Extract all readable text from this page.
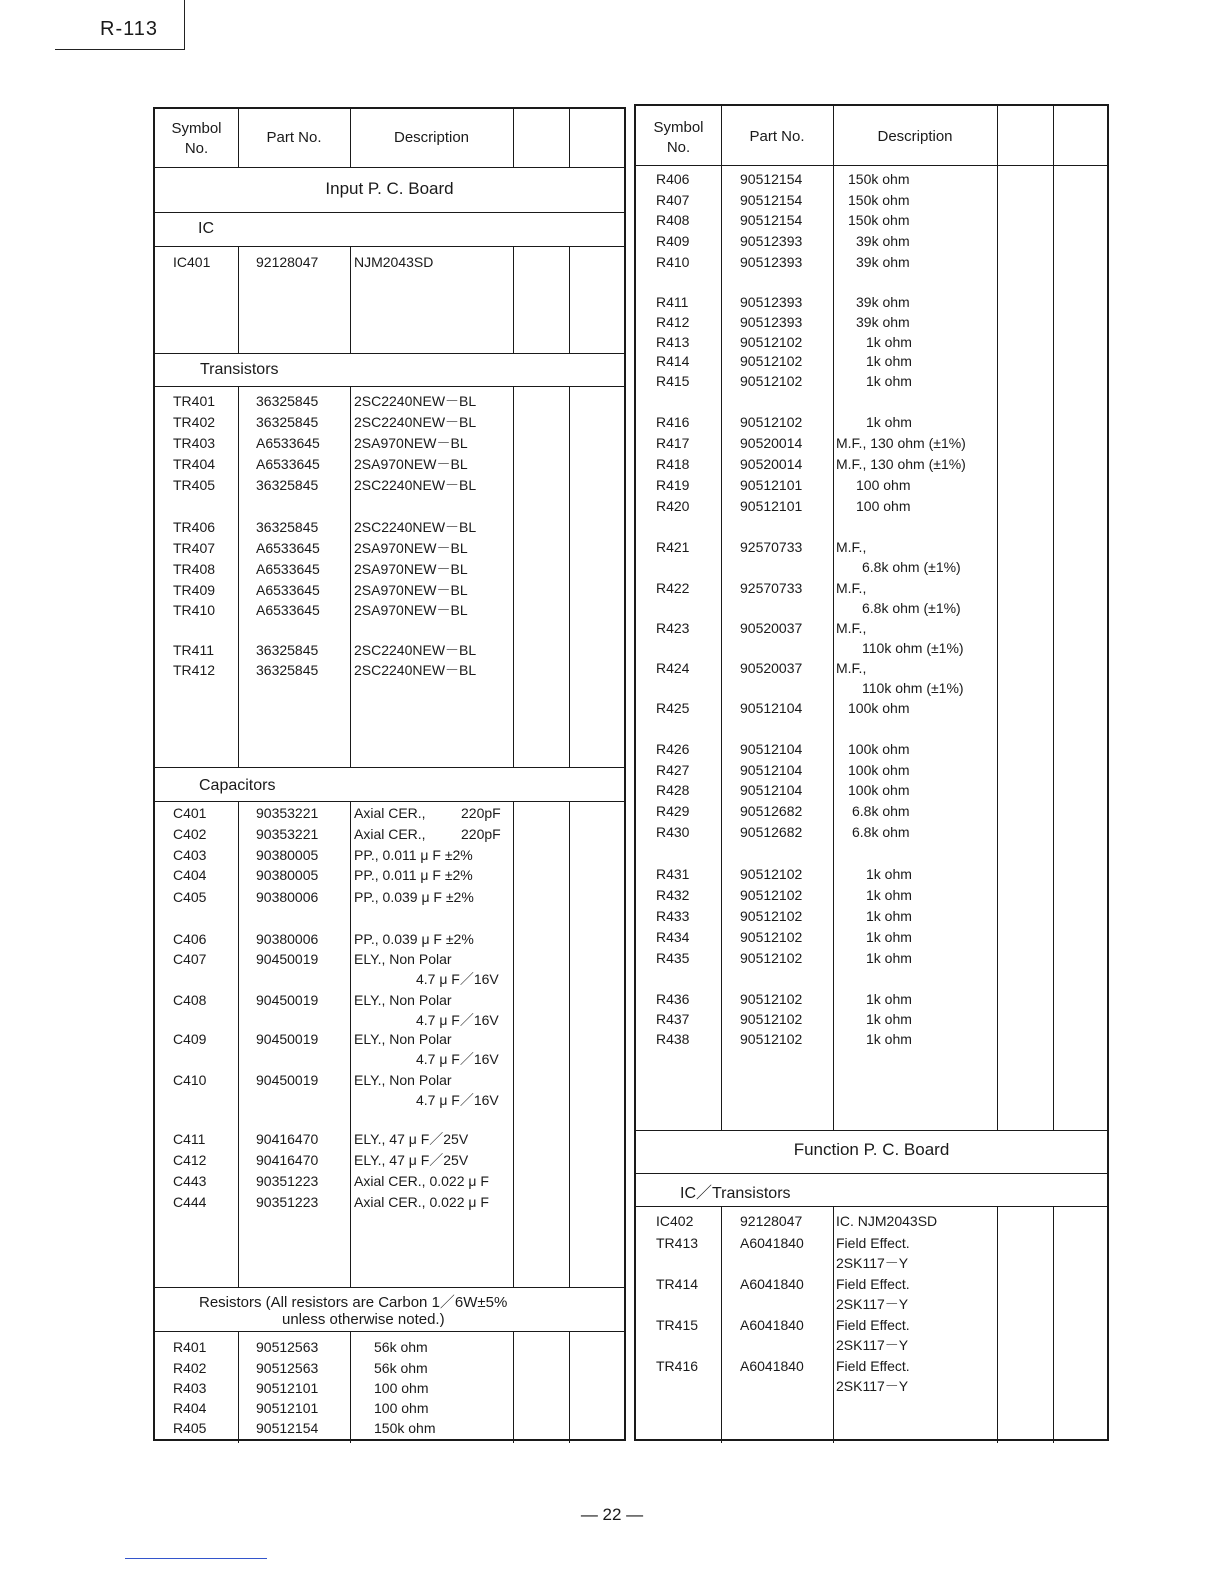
R-113
Symbol
No.
Part No.	Description
Input P. C. Board
IC
IC401	92128047	NJM2043SD
Transistors
TR401	36325845	2SC2240NEW－BL
TR402	36325845	2SC2240NEW－BL
TR403	A6533645 2SA970NEW－BL
TR404	A6533645 2SA970NEW－BL
TR405	36325845	2SC2240NEW－BL
TR406	36325845	2SC2240NEW－BL
TR407	A6533645 2SA970NEW－BL
TR408	A6533645 2SA970NEW－BL
TR409	A6533645 2SA970NEW－BL
TR410	A6533645 2SA970NEW－BL
TR411	36325845	2SC2240NEW－BL
TR412	36325845	2SC2240NEW－BL
Capacitors
C401	90353221	Axial CER.,	220pF
C402	90353221	Axial CER.,	220pF
C403	90380005	PP., 0.011 μ F ±2%
C404	90380005	PP., 0.011 μ F ±2%
C405	90380006	PP., 0.039 μ F ±2%
C406	90380006	PP., 0.039 μ F ±2%
C407	90450019	ELY., Non Polar
4.7 μ F／16V
C408	90450019	ELY., Non Polar
4.7 μ F／16V
C409	90450019	ELY., Non Polar
4.7 μ F／16V
C410	90450019	ELY., Non Polar
4.7 μ F／16V
C411	90416470	ELY., 47 μ F／25V
C412	90416470	ELY., 47 μ F／25V
C443	90351223	Axial CER., 0.022 μ F
C444	90351223	Axial CER., 0.022 μ F
Resistors (All resistors are Carbon 1／6W±5%
unless otherwise noted.)
R401	90512563	56k ohm
R402	90512563	56k ohm
R403	90512101	100 ohm
R404	90512101	100 ohm
R405	90512154	150k ohm
Symbol
No.
Part No.	Description
R406	90512154	150k ohm
R407	90512154	150k ohm
R408	90512154	150k ohm
R409	90512393	39k ohm
R410	90512393	39k ohm
R411	90512393	39k ohm
R412	90512393	39k ohm
R413	90512102	1k ohm
R414	90512102	1k ohm
R415	90512102	1k ohm
R416	90512102	1k ohm
R417	90520014 M.F., 130 ohm (±1%)
R418	90520014 M.F., 130 ohm (±1%)
R419	90512101	100 ohm
R420	90512101	100 ohm
R421	92570733 M.F.,
6.8k ohm (±1%)
R422	92570733 M.F.,
6.8k ohm (±1%)
R423	90520037 M.F.,
110k ohm (±1%)
R424	90520037 M.F.,
110k ohm (±1%)
R425	90512104	100k ohm
R426	90512104	100k ohm
R427	90512104	100k ohm
R428	90512104	100k ohm
R429	90512682	6.8k ohm
R430	90512682	6.8k ohm
R431	90512102	1k ohm
R432	90512102	1k ohm
R433	90512102	1k ohm
R434	90512102	1k ohm
R435	90512102	1k ohm
R436	90512102	1k ohm
R437	90512102	1k ohm
R438	90512102	1k ohm
Function P. C. Board
IC／Transistors
IC402	92128047 IC. NJM2043SD
TR413	A6041840 Field Effect.
2SK117－Y
TR414	A6041840 Field Effect.
2SK117－Y
TR415	A6041840 Field Effect.
2SK117－Y
TR416	A6041840 Field Effect.
2SK117－Y
— 22 —
